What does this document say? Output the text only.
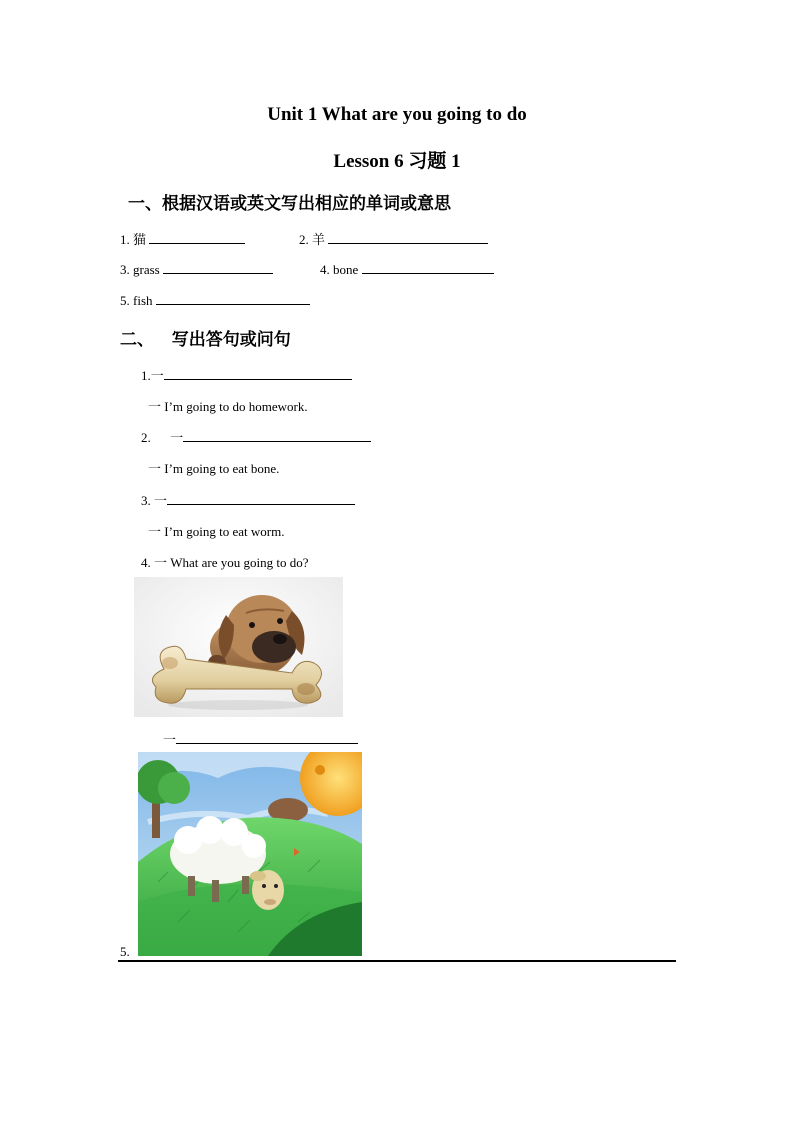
Unit 1 What are you going to do
Lesson 6 习题 1
一、根据汉语或英文写出相应的单词或意思
1. 猫	2. 羊
3. grass	4. bone
5. fish
二、   写出答句或问句
1.一
一 I’m going to do homework.
2.      一
一 I’m going to eat bone.
3. 一
一 I’m going to eat worm.
4. 一 What are you going to do?
一
5.
